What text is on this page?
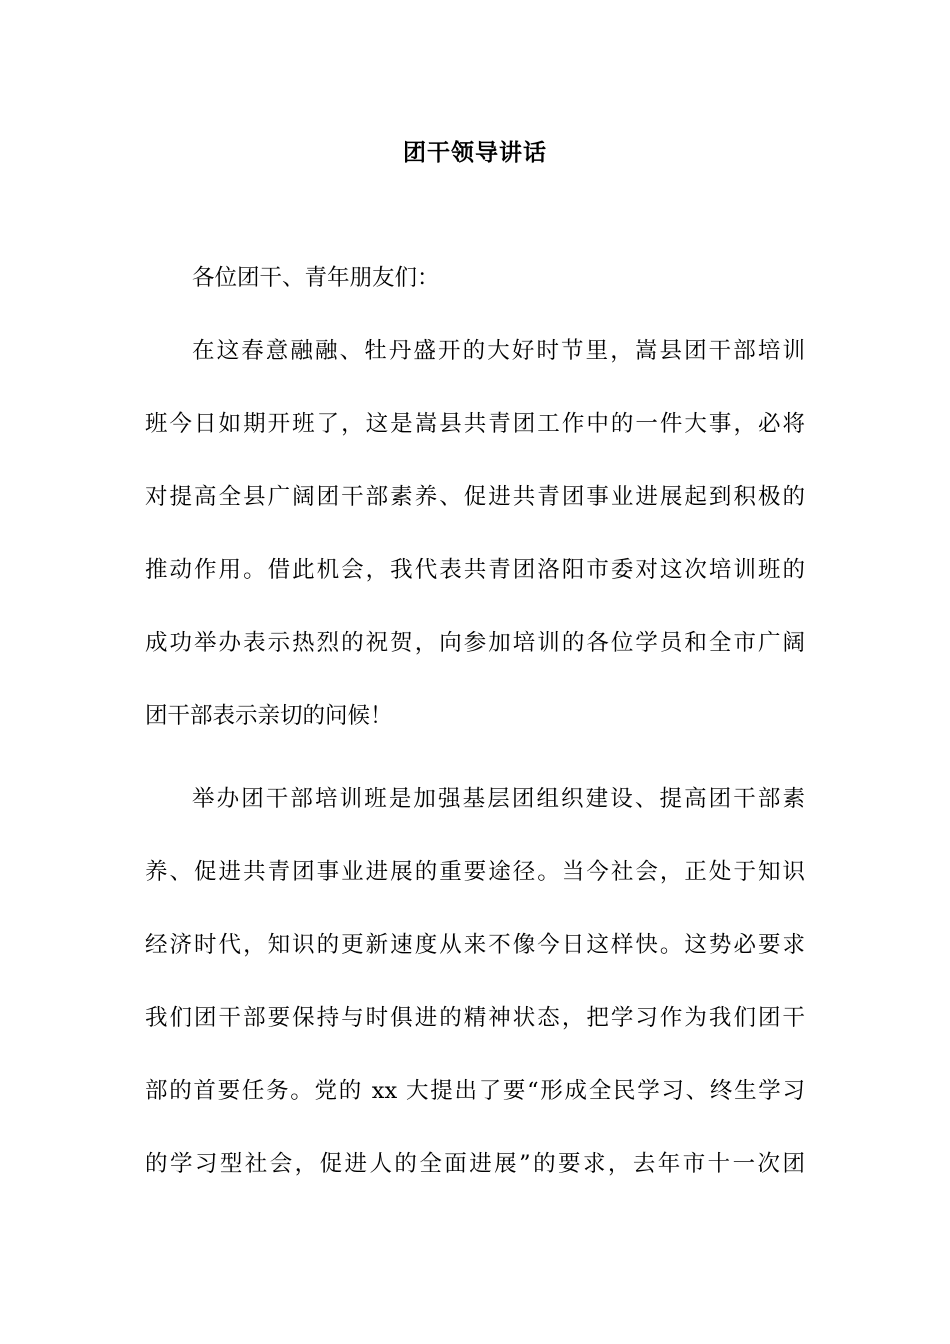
团干领导讲话
各位团干、青年朋友们：
在这春意融融、牡丹盛开的大好时节里，嵩县团干部培训
班今日如期开班了，这是嵩县共青团工作中的一件大事，必将
对提高全县广阔团干部素养、促进共青团事业进展起到积极的
推动作用。借此机会，我代表共青团洛阳市委对这次培训班的
成功举办表示热烈的祝贺，向参加培训的各位学员和全市广阔
团干部表示亲切的问候！
举办团干部培训班是加强基层团组织建设、提高团干部素
养、促进共青团事业进展的重要途径。当今社会，正处于知识
经济时代，知识的更新速度从来不像今日这样快。这势必要求
我们团干部要保持与时俱进的精神状态，把学习作为我们团干
部的首要任务。党的 xx 大提出了要“形成全民学习、终生学习
的学习型社会，促进人的全面进展”的要求，去年市十一次团
